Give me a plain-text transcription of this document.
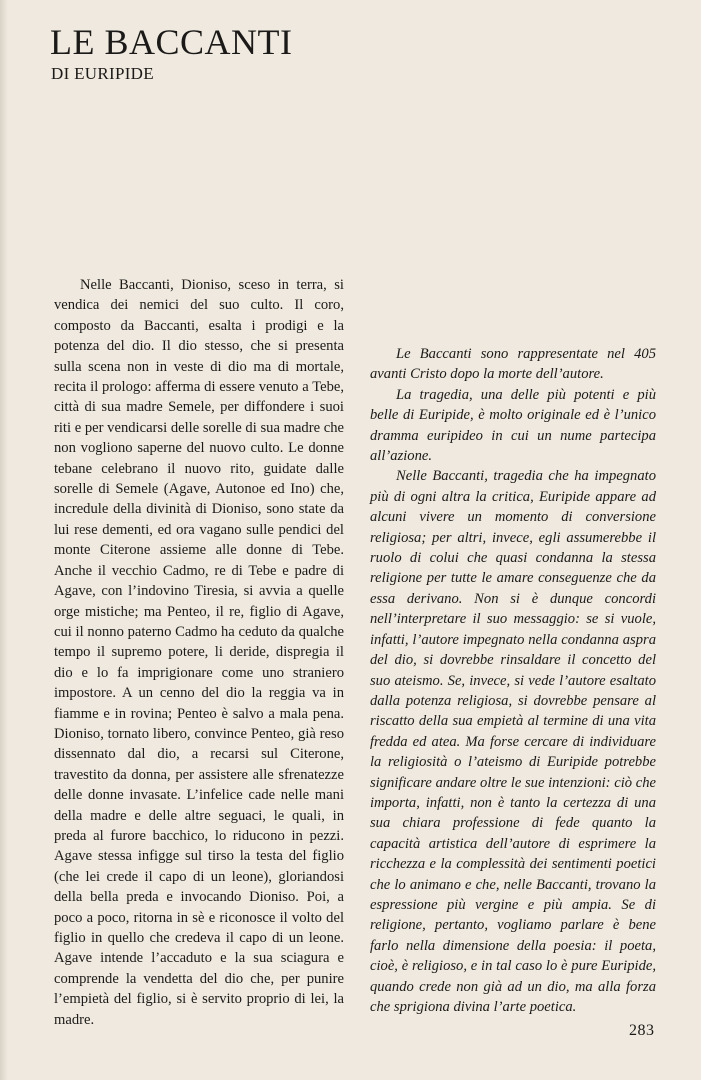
LE BACCANTI
DI EURIPIDE

Nelle Baccanti, Dioniso, sceso in terra, si vendica dei nemici del suo culto. Il coro, composto da Baccanti, esalta i prodigi e la potenza del dio. Il dio stesso, che si presenta sulla scena non in veste di dio ma di mortale, recita il prologo: afferma di essere venuto a Tebe, città di sua madre Semele, per diffondere i suoi riti e per vendicarsi delle sorelle di sua madre che non vogliono saperne del nuovo culto. Le donne tebane celebrano il nuovo rito, guidate dalle sorelle di Semele (Agave, Autonoe ed Ino) che, incredule della divinità di Dioniso, sono state da lui rese dementi, ed ora vagano sulle pendici del monte Citerone assieme alle donne di Tebe. Anche il vecchio Cadmo, re di Tebe e padre di Agave, con l’indovino Tiresia, si avvia a quelle orge mistiche; ma Penteo, il re, figlio di Agave, cui il nonno paterno Cadmo ha ceduto da qualche tempo il supremo potere, li deride, dispregia il dio e lo fa imprigionare come uno straniero impostore. A un cenno del dio la reggia va in fiamme e in rovina; Penteo è salvo a mala pena. Dioniso, tornato libero, convince Penteo, già reso dissennato dal dio, a recarsi sul Citerone, travestito da donna, per assistere alle sfrenatezze delle donne invasate. L’infelice cade nelle mani della madre e delle altre seguaci, le quali, in preda al furore bacchico, lo riducono in pezzi. Agave stessa infigge sul tirso la testa del figlio (che lei crede il capo di un leone), gloriandosi della bella preda e invocando Dioniso. Poi, a poco a poco, ritorna in sè e riconosce il volto del figlio in quello che credeva il capo di un leone. Agave intende l’accaduto e la sua sciagura e comprende la vendetta del dio che, per punire l’empietà del figlio, si è servito proprio di lei, la madre.

Le Baccanti sono rappresentate nel 405 avanti Cristo dopo la morte dell’autore.

La tragedia, una delle più potenti e più belle di Euripide, è molto originale ed è l’unico dramma euripideo in cui un nume partecipa all’azione.

Nelle Baccanti, tragedia che ha impegnato più di ogni altra la critica, Euripide appare ad alcuni vivere un momento di conversione religiosa; per altri, invece, egli assumerebbe il ruolo di colui che quasi condanna la stessa religione per tutte le amare conseguenze che da essa derivano. Non si è dunque concordi nell’interpretare il suo messaggio: se si vuole, infatti, l’autore impegnato nella condanna aspra del dio, si dovrebbe rinsaldare il concetto del suo ateismo. Se, invece, si vede l’autore esaltato dalla potenza religiosa, si dovrebbe pensare al riscatto della sua empietà al termine di una vita fredda ed atea. Ma forse cercare di individuare la religiosità o l’ateismo di Euripide potrebbe significare andare oltre le sue intenzioni: ciò che importa, infatti, non è tanto la certezza di una sua chiara professione di fede quanto la capacità artistica dell’autore di esprimere la ricchezza e la complessità dei sentimenti poetici che lo animano e che, nelle Baccanti, trovano la espressione più vergine e più ampia. Se di religione, pertanto, vogliamo parlare è bene farlo nella dimensione della poesia: il poeta, cioè, è religioso, e in tal caso lo è pure Euripide, quando crede non già ad un dio, ma alla forza che sprigiona divina l’arte poetica.

283
